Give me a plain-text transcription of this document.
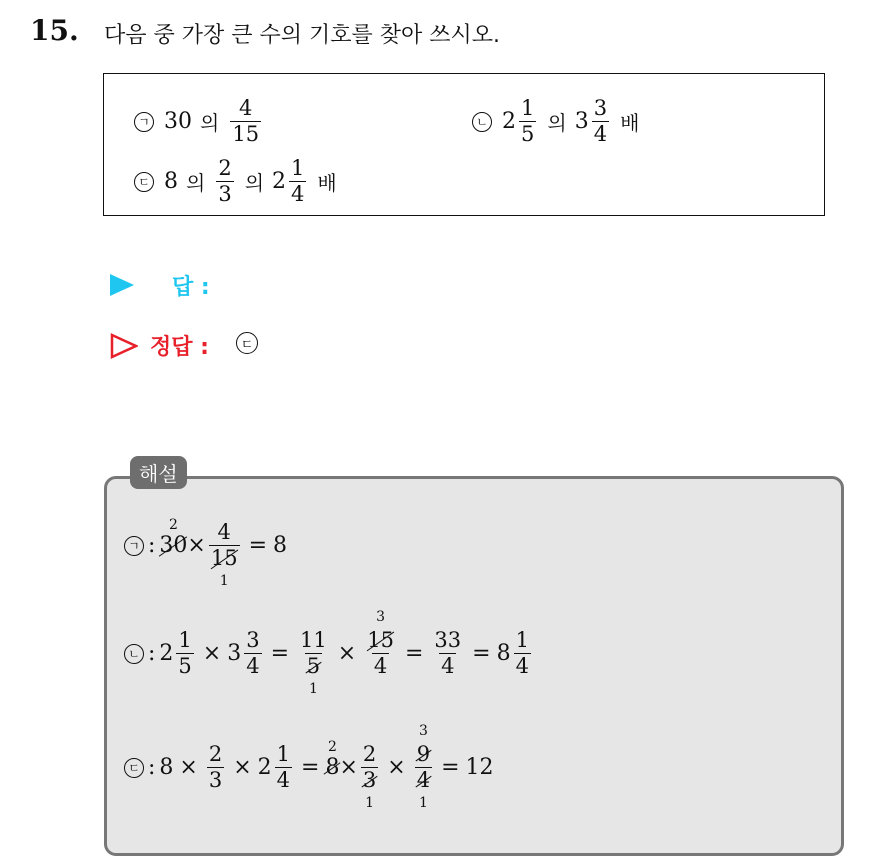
15. 다음 중 가장 큰 수의 기호를 찾아 쓰시오.
ㄱ 30 의 $\frac{4}{15}$	ㄴ $2 \frac{1}{5}$ 의 $3 \frac{3}{4}$ 배
ㄷ 8 의 $\frac{2}{3}$ 의 $2 \frac{1}{4}$ 배
답 :
정답 :	ㄷ
해설
ㄱ : 30
2
× 4
15
1 = 8
ㄴ : $2 \frac{1}{5} \times 3 \frac{3}{4} = 11$
5
1 × 3
15
$4 = \frac{33}{4} = 8 \frac{1}{4}$
ㄷ : $8 \times \frac{2}{3} \times 2 \frac{1}{4} = 8$
2
× 2
3
1 × 3
9
4
1 = 12
